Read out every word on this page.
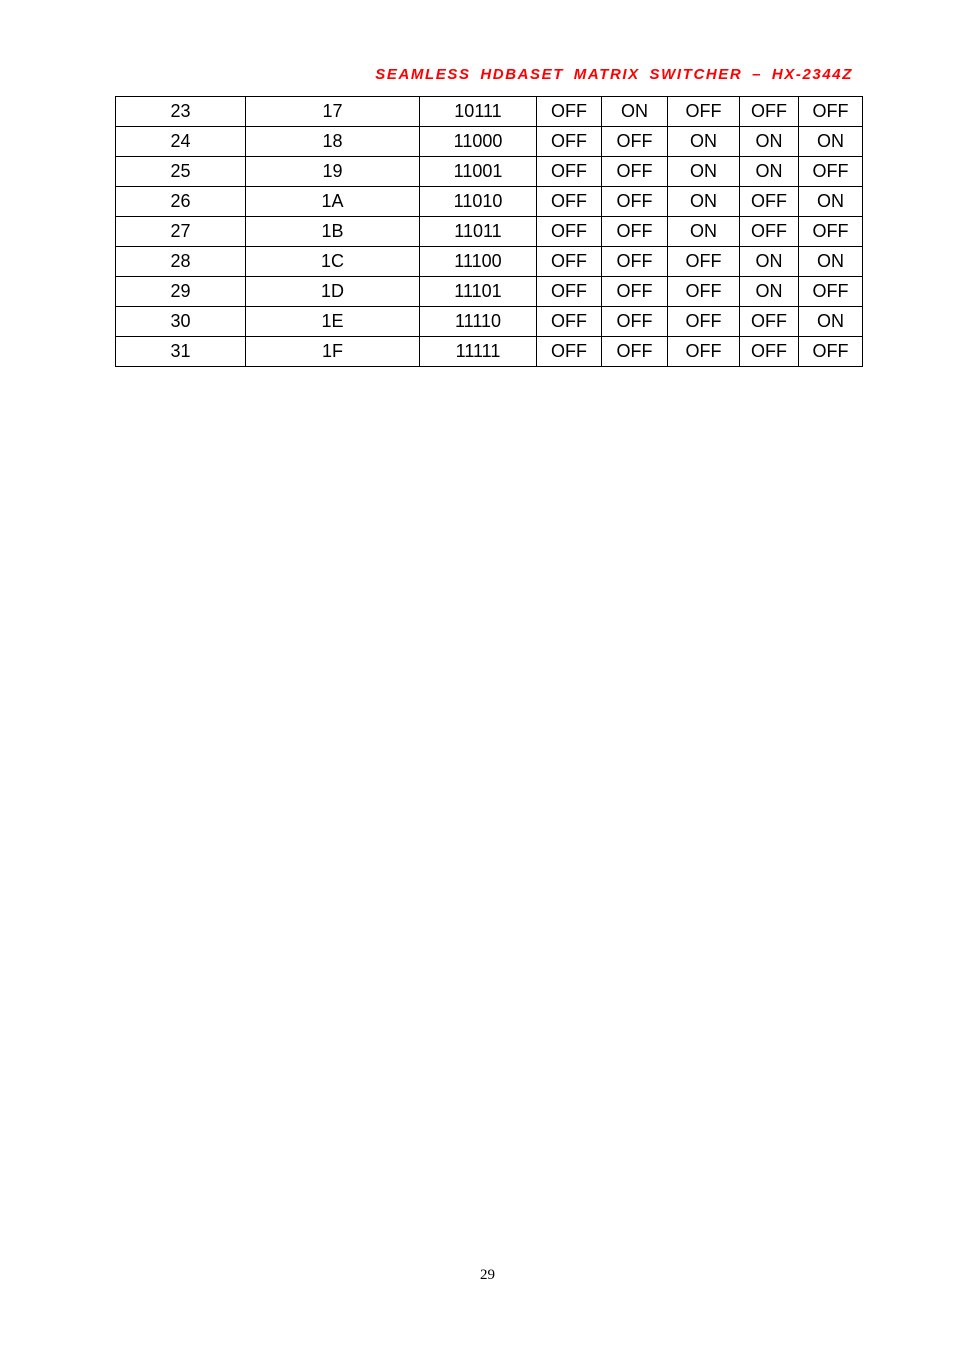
SEAMLESS HDBASET MATRIX SWITCHER – HX-2344Z
23	17	10111	OFF	ON	OFF	OFF	OFF
24	18	11000	OFF	OFF	ON	ON	ON
25	19	11001	OFF	OFF	ON	ON	OFF
26	1A	11010	OFF	OFF	ON	OFF	ON
27	1B	11011	OFF	OFF	ON	OFF	OFF
28	1C	11100	OFF	OFF	OFF	ON	ON
29	1D	11101	OFF	OFF	OFF	ON	OFF
30	1E	11110	OFF	OFF	OFF	OFF	ON
31	1F	11111	OFF	OFF	OFF	OFF	OFF
29
